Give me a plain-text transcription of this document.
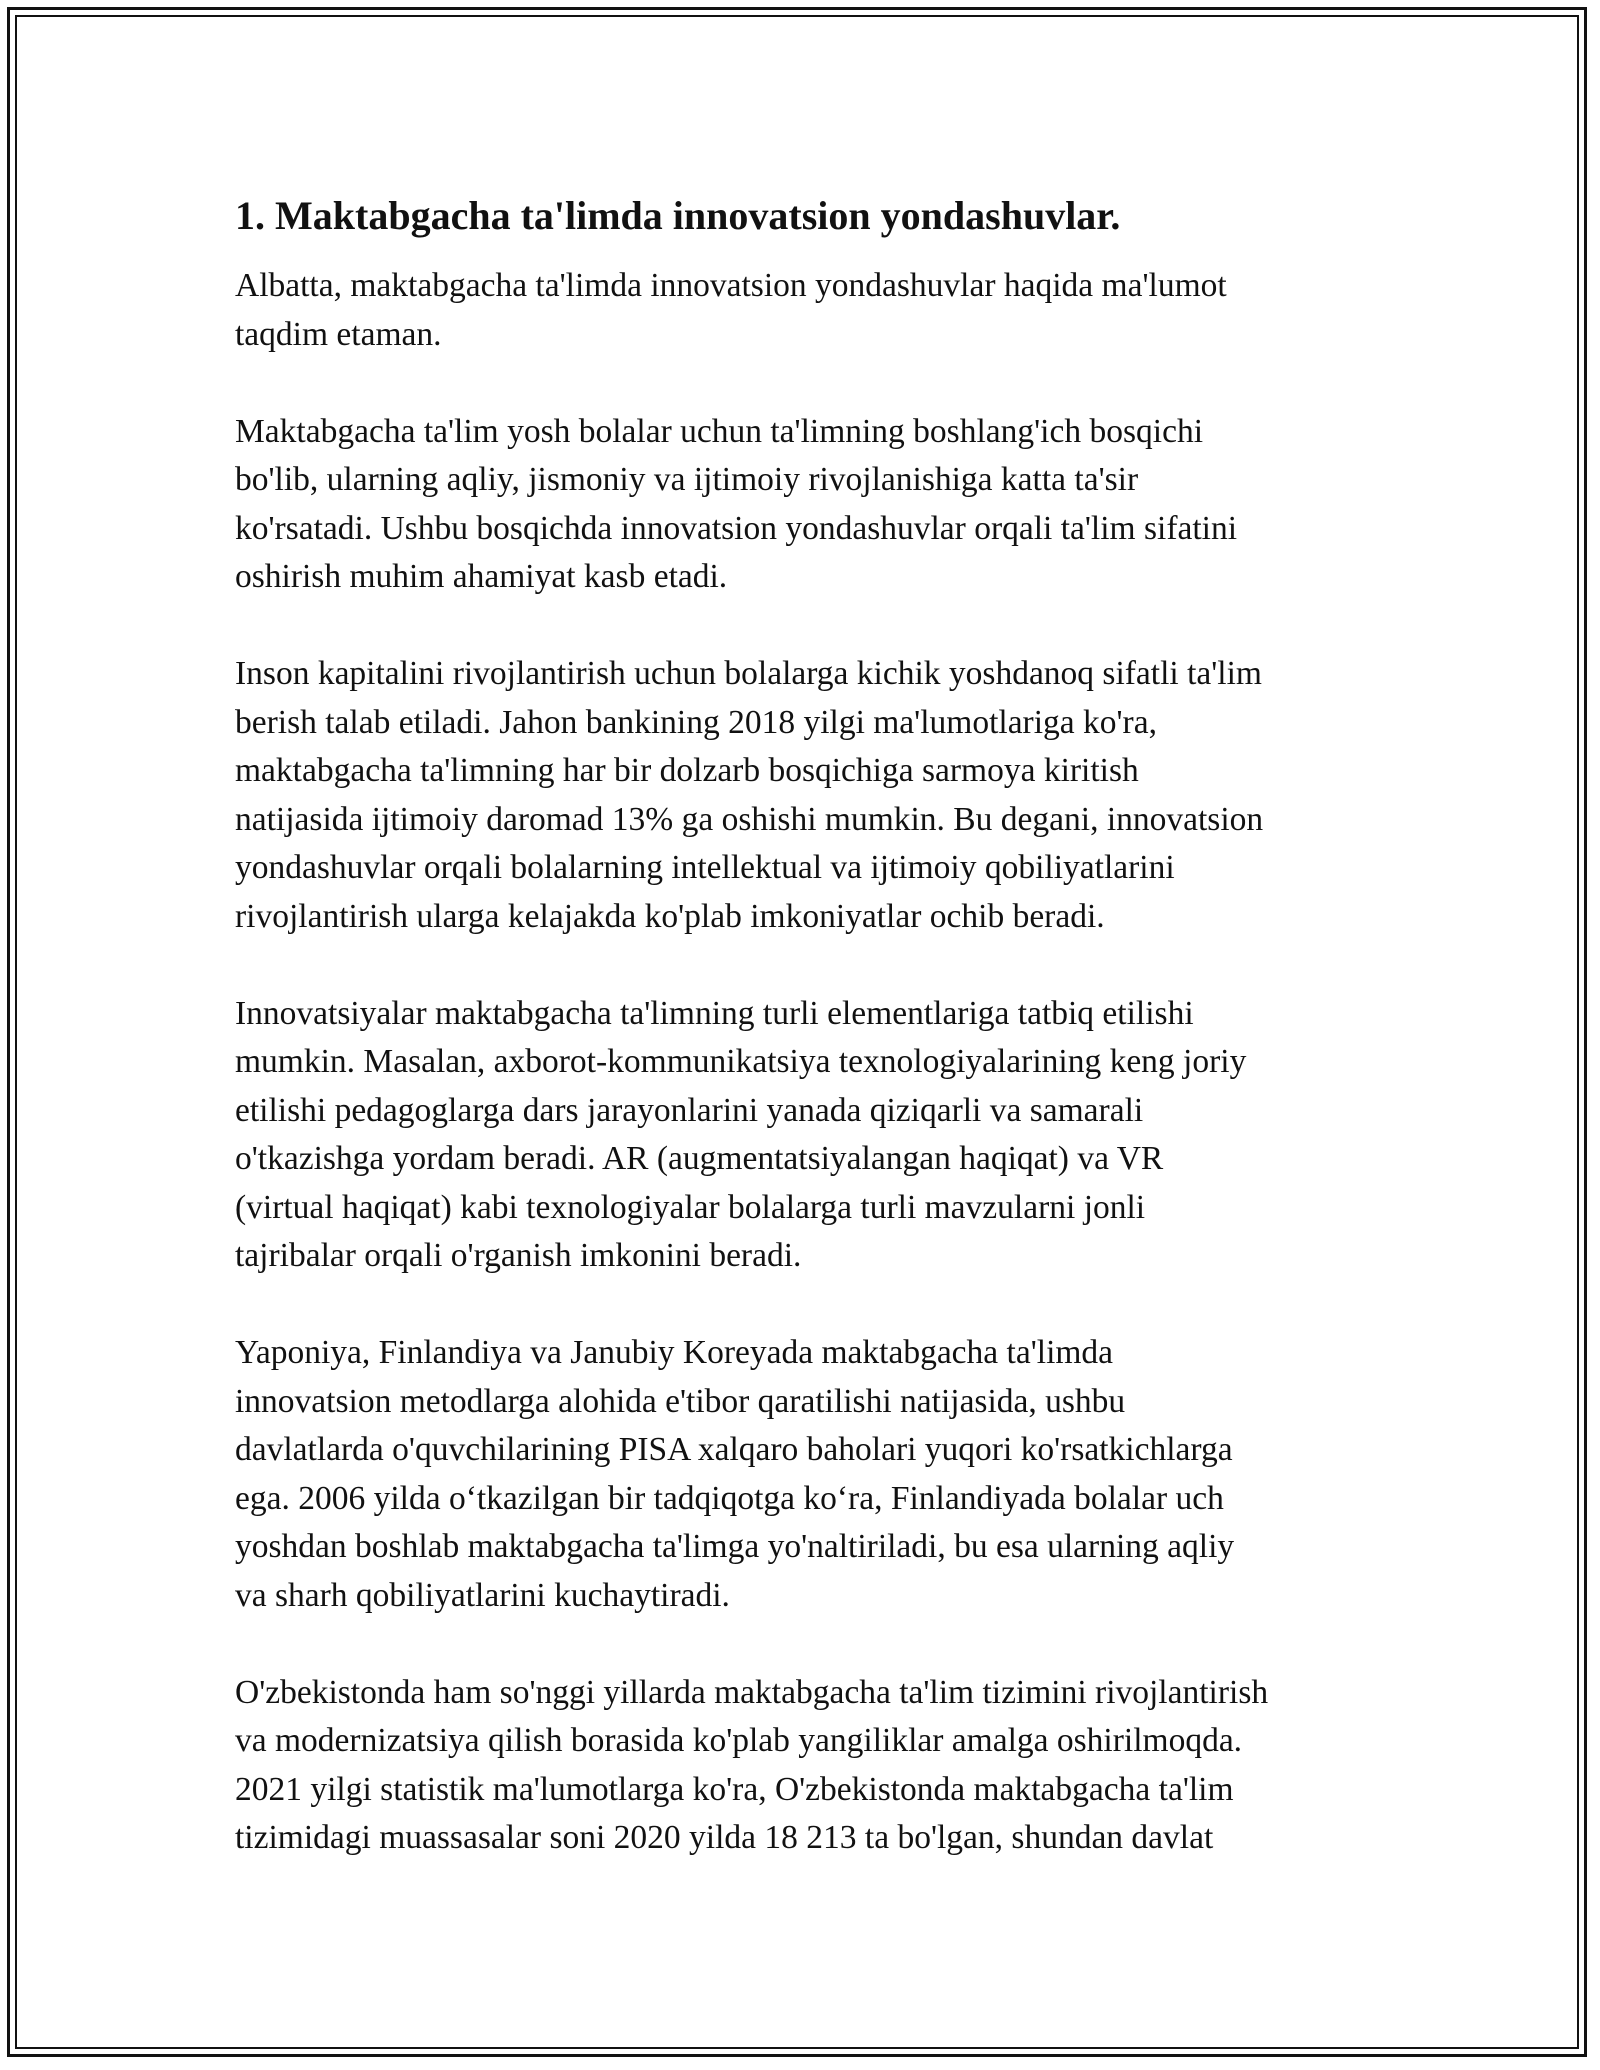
1. Maktabgacha ta'limda innovatsion yondashuvlar.

Albatta, maktabgacha ta'limda innovatsion yondashuvlar haqida ma'lumot
taqdim etaman.

Maktabgacha ta'lim yosh bolalar uchun ta'limning boshlang'ich bosqichi
bo'lib, ularning aqliy, jismoniy va ijtimoiy rivojlanishiga katta ta'sir
ko'rsatadi. Ushbu bosqichda innovatsion yondashuvlar orqali ta'lim sifatini
oshirish muhim ahamiyat kasb etadi.

Inson kapitalini rivojlantirish uchun bolalarga kichik yoshdanoq sifatli ta'lim
berish talab etiladi. Jahon bankining 2018 yilgi ma'lumotlariga ko'ra,
maktabgacha ta'limning har bir dolzarb bosqichiga sarmoya kiritish
natijasida ijtimoiy daromad 13% ga oshishi mumkin. Bu degani, innovatsion
yondashuvlar orqali bolalarning intellektual va ijtimoiy qobiliyatlarini
rivojlantirish ularga kelajakda ko'plab imkoniyatlar ochib beradi.

Innovatsiyalar maktabgacha ta'limning turli elementlariga tatbiq etilishi
mumkin. Masalan, axborot-kommunikatsiya texnologiyalarining keng joriy
etilishi pedagoglarga dars jarayonlarini yanada qiziqarli va samarali
o'tkazishga yordam beradi. AR (augmentatsiyalangan haqiqat) va VR
(virtual haqiqat) kabi texnologiyalar bolalarga turli mavzularni jonli
tajribalar orqali o'rganish imkonini beradi.

Yaponiya, Finlandiya va Janubiy Koreyada maktabgacha ta'limda
innovatsion metodlarga alohida e'tibor qaratilishi natijasida, ushbu
davlatlarda o'quvchilarining PISA xalqaro baholari yuqori ko'rsatkichlarga
ega. 2006 yilda o‘tkazilgan bir tadqiqotga ko‘ra, Finlandiyada bolalar uch
yoshdan boshlab maktabgacha ta'limga yo'naltiriladi, bu esa ularning aqliy
va sharh qobiliyatlarini kuchaytiradi.

O'zbekistonda ham so'nggi yillarda maktabgacha ta'lim tizimini rivojlantirish
va modernizatsiya qilish borasida ko'plab yangiliklar amalga oshirilmoqda.
2021 yilgi statistik ma'lumotlarga ko'ra, O'zbekistonda maktabgacha ta'lim
tizimidagi muassasalar soni 2020 yilda 18 213 ta bo'lgan, shundan davlat
